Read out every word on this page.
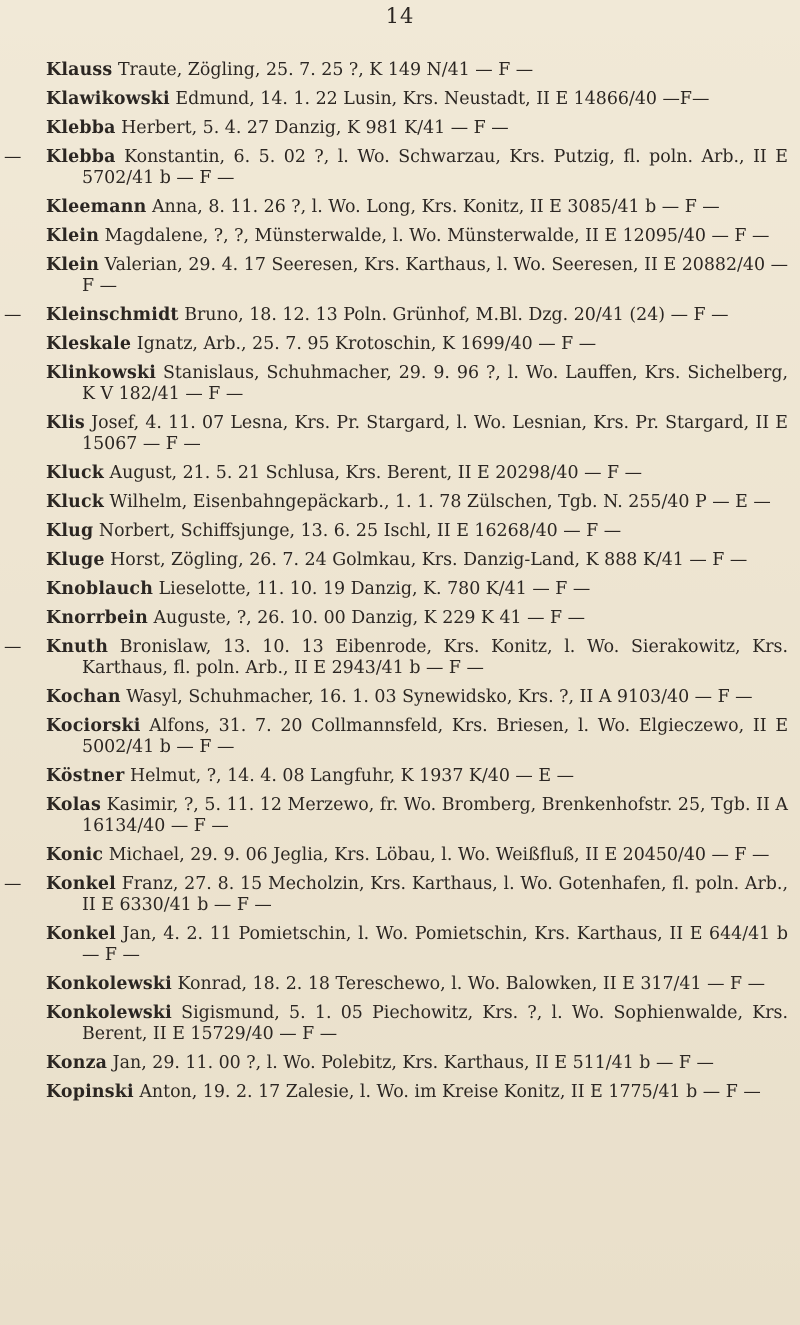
14

Klauss Traute, Zögling, 25. 7. 25 ?, K 149 N/41 — F —

Klawikowski Edmund, 14. 1. 22 Lusin, Krs. Neustadt, II E 14866/40 —F—

Klebba Herbert, 5. 4. 27 Danzig, K 981 K/41 — F —

— Klebba Konstantin, 6. 5. 02 ?, l. Wo. Schwarzau, Krs. Putzig, fl. poln. Arb., II E 5702/41 b — F —

Kleemann Anna, 8. 11. 26 ?, l. Wo. Long, Krs. Konitz, II E 3085/41 b — F —

Klein Magdalene, ?, ?, Münsterwalde, l. Wo. Münsterwalde, II E 12095/40 — F —

Klein Valerian, 29. 4. 17 Seeresen, Krs. Karthaus, l. Wo. Seeresen, II E 20882/40 — F —

— Kleinschmidt Bruno, 18. 12. 13 Poln. Grünhof, M.Bl. Dzg. 20/41 (24) — F —

Kleskale Ignatz, Arb., 25. 7. 95 Krotoschin, K 1699/40 — F —

Klinkowski Stanislaus, Schuhmacher, 29. 9. 96 ?, l. Wo. Lauffen, Krs. Sichelberg, K V 182/41 — F —

Klis Josef, 4. 11. 07 Lesna, Krs. Pr. Stargard, l. Wo. Lesnian, Krs. Pr. Stargard, II E 15067 — F —

Kluck August, 21. 5. 21 Schlusa, Krs. Berent, II E 20298/40 — F —

Kluck Wilhelm, Eisenbahngepäckarb., 1. 1. 78 Zülschen, Tgb. N. 255/40 P — E —

Klug Norbert, Schiffsjunge, 13. 6. 25 Ischl, II E 16268/40 — F —

Kluge Horst, Zögling, 26. 7. 24 Golmkau, Krs. Danzig-Land, K 888 K/41 — F —

Knoblauch Lieselotte, 11. 10. 19 Danzig, K. 780 K/41 — F —

Knorrbein Auguste, ?, 26. 10. 00 Danzig, K 229 K 41 — F —

— Knuth Bronislaw, 13. 10. 13 Eibenrode, Krs. Konitz, l. Wo. Sierakowitz, Krs. Karthaus, fl. poln. Arb., II E 2943/41 b — F —

Kochan Wasyl, Schuhmacher, 16. 1. 03 Synewidsko, Krs. ?, II A 9103/40 — F —

Kociorski Alfons, 31. 7. 20 Collmannsfeld, Krs. Briesen, l. Wo. Elgieczewo, II E 5002/41 b — F —

Köstner Helmut, ?, 14. 4. 08 Langfuhr, K 1937 K/40 — E —

Kolas Kasimir, ?, 5. 11. 12 Merzewo, fr. Wo. Bromberg, Brenkenhofstr. 25, Tgb. II A 16134/40 — F —

Konic Michael, 29. 9. 06 Jeglia, Krs. Löbau, l. Wo. Weißfluß, II E 20450/40 — F —

— Konkel Franz, 27. 8. 15 Mecholzin, Krs. Karthaus, l. Wo. Gotenhafen, fl. poln. Arb., II E 6330/41 b — F —

Konkel Jan, 4. 2. 11 Pomietschin, l. Wo. Pomietschin, Krs. Karthaus, II E 644/41 b — F —

Konkolewski Konrad, 18. 2. 18 Tereschewo, l. Wo. Balowken, II E 317/41 — F —

Konkolewski Sigismund, 5. 1. 05 Piechowitz, Krs. ?, l. Wo. Sophienwalde, Krs. Berent, II E 15729/40 — F —

Konza Jan, 29. 11. 00 ?, l. Wo. Polebitz, Krs. Karthaus, II E 511/41 b — F —

Kopinski Anton, 19. 2. 17 Zalesie, l. Wo. im Kreise Konitz, II E 1775/41 b — F —
